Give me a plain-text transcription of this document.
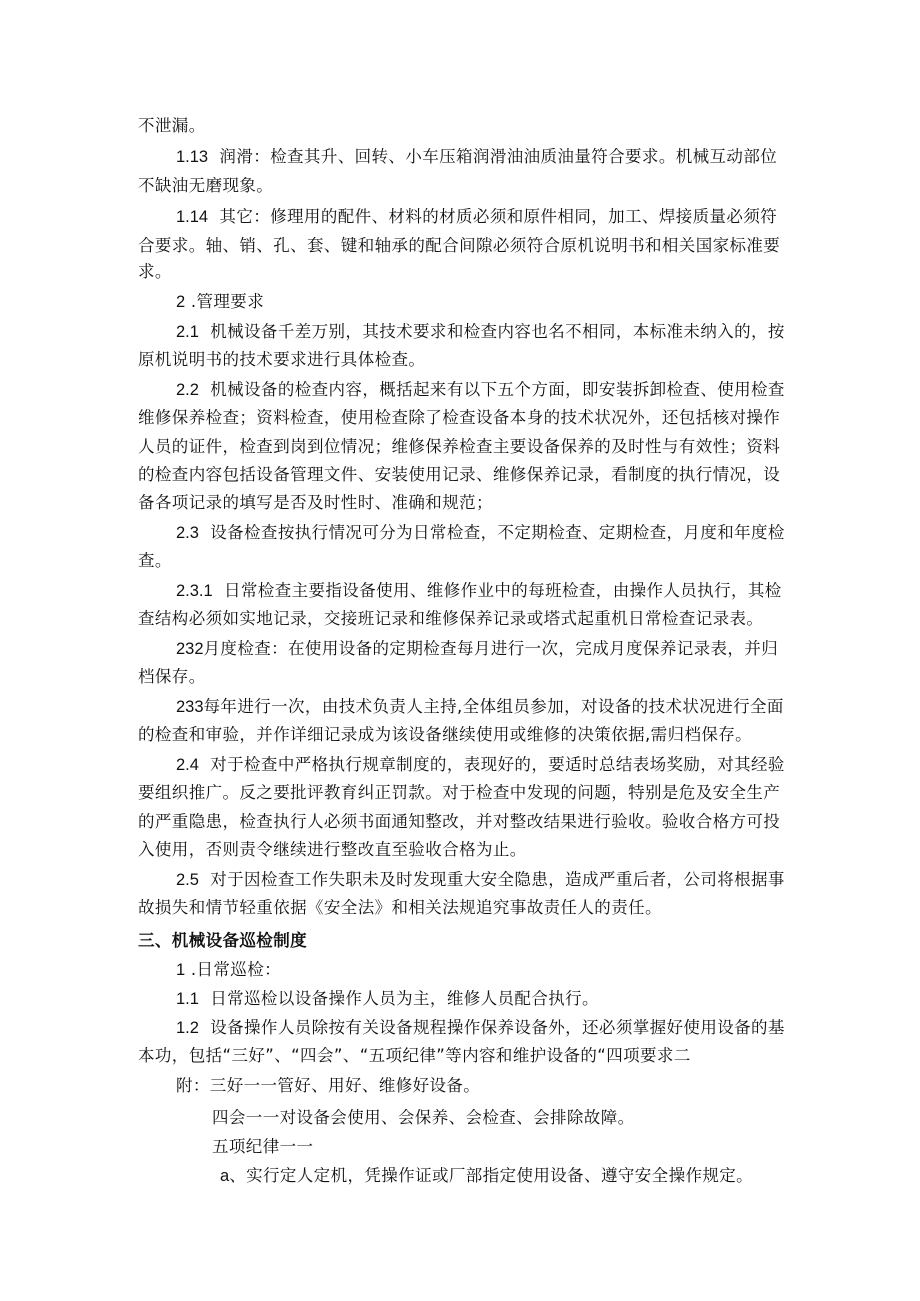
不泄漏。
1.13 润滑：检查其升、回转、小车压箱润滑油油质油量符合要求。机械互动部位
不缺油无磨现象。
1.14 其它：修理用的配件、材料的材质必须和原件相同，加工、焊接质量必须符
合要求。轴、销、孔、套、键和轴承的配合间隙必须符合原机说明书和相关国家标准要
求。
2 .管理要求
2.1 机械设备千差万别，其技术要求和检查内容也名不相同，本标准未纳入的，按
原机说明书的技术要求进行具体检查。
2.2 机械设备的检查内容，概括起来有以下五个方面，即安装拆卸检查、使用检查
维修保养检查；资料检查，使用检查除了检查设备本身的技术状况外，还包括核对操作
人员的证件，检查到岗到位情况；维修保养检查主要设备保养的及时性与有效性；资料
的检查内容包括设备管理文件、安装使用记录、维修保养记录，看制度的执行情况，设
备各项记录的填写是否及时性时、准确和规范；
2.3 设备检查按执行情况可分为日常检查，不定期检查、定期检查，月度和年度检
查。
2.3.1 日常检查主要指设备使用、维修作业中的每班检查，由操作人员执行，其检
查结构必须如实地记录，交接班记录和维修保养记录或塔式起重机日常检查记录表。
232月度检查：在使用设备的定期检查每月进行一次，完成月度保养记录表，并归
档保存。
233每年进行一次，由技术负责人主持,全体组员参加，对设备的技术状况进行全面
的检查和审验，并作详细记录成为该设备继续使用或维修的决策依据,需归档保存。
2.4 对于检查中严格执行规章制度的，表现好的，要适时总结表场奖励，对其经验
要组织推广。反之要批评教育纠正罚款。对于检查中发现的问题，特别是危及安全生产
的严重隐患，检查执行人必须书面通知整改，并对整改结果进行验收。验收合格方可投
入使用，否则责令继续进行整改直至验收合格为止。
2.5 对于因检查工作失职未及时发现重大安全隐患，造成严重后者，公司将根据事
故损失和情节轻重依据《安全法》和相关法规追究事故责任人的责任。
三、机械设备巡检制度
1 .日常巡检：
1.1 日常巡检以设备操作人员为主，维修人员配合执行。
1.2 设备操作人员除按有关设备规程操作保养设备外，还必须掌握好使用设备的基
本功，包括“三好”、“四会”、“五项纪律”等内容和维护设备的“四项要求二
附：三好一一管好、用好、维修好设备。
四会一一对设备会使用、会保养、会检查、会排除故障。
五项纪律一一
a、实行定人定机，凭操作证或厂部指定使用设备、遵守安全操作规定。
